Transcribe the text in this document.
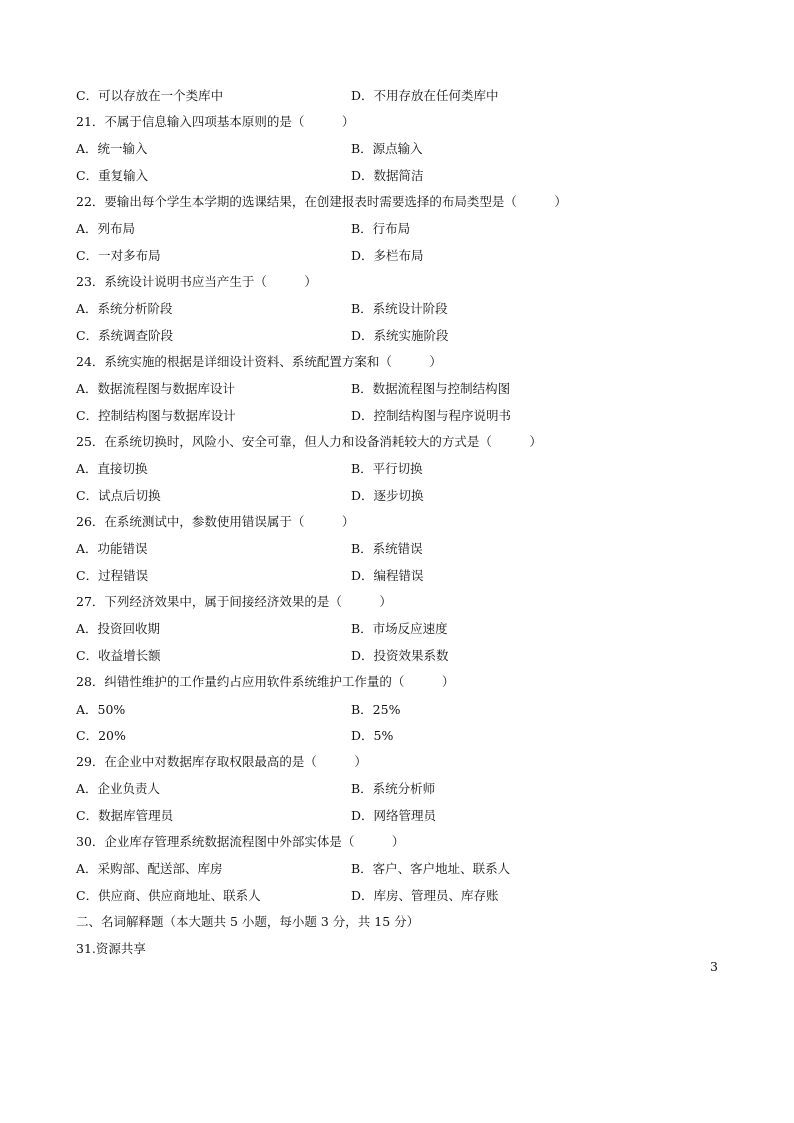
C．可以存放在一个类库中	D．不用存放在任何类库中
21．不属于信息输入四项基本原则的是（　　　）
A．统一输入	B．源点输入
C．重复输入	D．数据简洁
22．要输出每个学生本学期的选课结果，在创建报表时需要选择的布局类型是（　　　）
A．列布局	B．行布局
C．一对多布局	D．多栏布局
23．系统设计说明书应当产生于（　　　）
A．系统分析阶段	B．系统设计阶段
C．系统调查阶段	D．系统实施阶段
24．系统实施的根据是详细设计资料、系统配置方案和（　　　）
A．数据流程图与数据库设计	B．数据流程图与控制结构图
C．控制结构图与数据库设计	D．控制结构图与程序说明书
25．在系统切换时，风险小、安全可靠，但人力和设备消耗较大的方式是（　　　）
A．直接切换	B．平行切换
C．试点后切换	D．逐步切换
26．在系统测试中，参数使用错误属于（　　　）
A．功能错误	B．系统错误
C．过程错误	D．编程错误
27．下列经济效果中，属于间接经济效果的是（　　　）
A．投资回收期	B．市场反应速度
C．收益增长额	D．投资效果系数
28．纠错性维护的工作量约占应用软件系统维护工作量的（　　　）
A．50%	B．25%
C．20%	D．5%
29．在企业中对数据库存取权限最高的是（　　　）
A．企业负责人	B．系统分析师
C．数据库管理员	D．网络管理员
30．企业库存管理系统数据流程图中外部实体是（　　　）
A．采购部、配送部、库房	B．客户、客户地址、联系人
C．供应商、供应商地址、联系人	D．库房、管理员、库存账
二、名词解释题（本大题共 5 小题，每小题 3 分，共 15 分）
31.资源共享
3
